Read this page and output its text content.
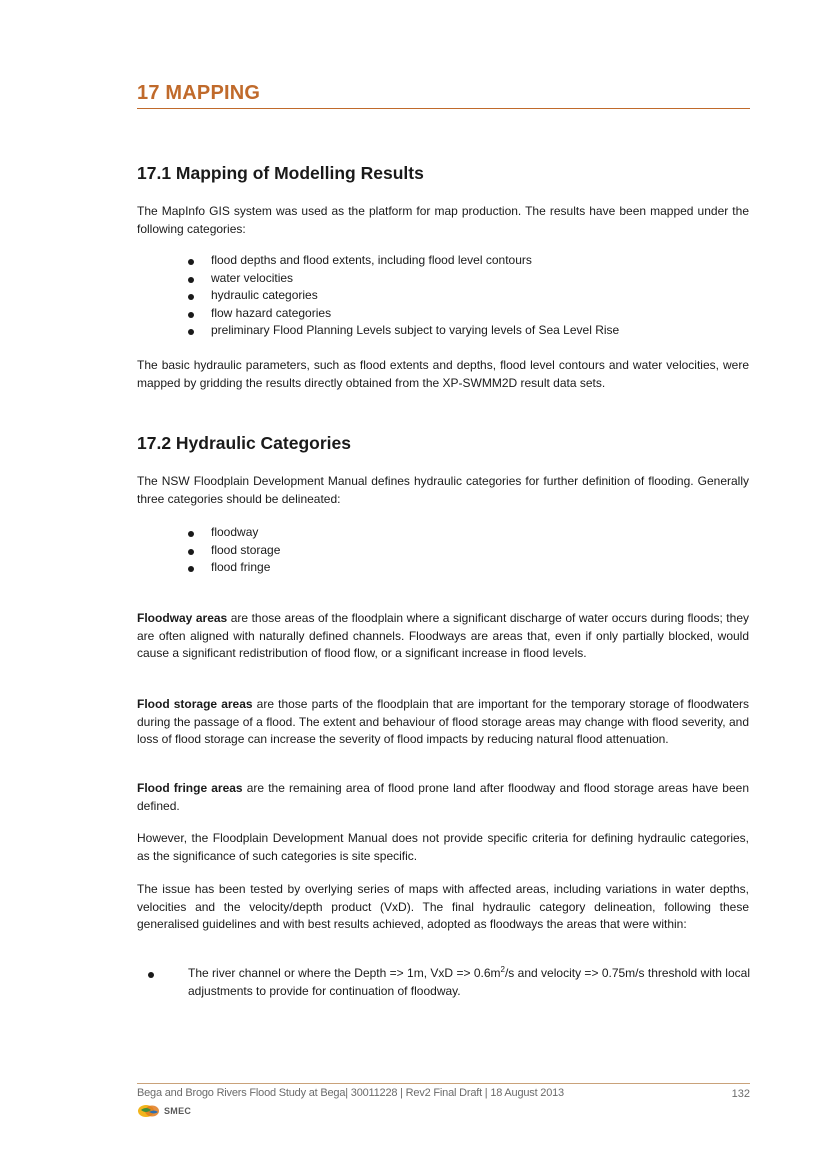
17 MAPPING
17.1 Mapping of Modelling Results

The MapInfo GIS system was used as the platform for map production. The results have been mapped under the following categories:

flood depths and flood extents, including flood level contours
water velocities
hydraulic categories
flow hazard categories
preliminary Flood Planning Levels subject to varying levels of Sea Level Rise

The basic hydraulic parameters, such as flood extents and depths, flood level contours and water velocities, were mapped by gridding the results directly obtained from the XP-SWMM2D result data sets.

17.2 Hydraulic Categories

The NSW Floodplain Development Manual defines hydraulic categories for further definition of flooding. Generally three categories should be delineated:

floodway
flood storage
flood fringe

Floodway areas are those areas of the floodplain where a significant discharge of water occurs during floods; they are often aligned with naturally defined channels. Floodways are areas that, even if only partially blocked, would cause a significant redistribution of flood flow, or a significant increase in flood levels.

Flood storage areas are those parts of the floodplain that are important for the temporary storage of floodwaters during the passage of a flood. The extent and behaviour of flood storage areas may change with flood severity, and loss of flood storage can increase the severity of flood impacts by reducing natural flood attenuation.

Flood fringe areas are the remaining area of flood prone land after floodway and flood storage areas have been defined.

However, the Floodplain Development Manual does not provide specific criteria for defining hydraulic categories, as the significance of such categories is site specific.

The issue has been tested by overlying series of maps with affected areas, including variations in water depths, velocities and the velocity/depth product (VxD). The final hydraulic category delineation, following these generalised guidelines and with best results achieved, adopted as floodways the areas that were within:

The river channel or where the Depth => 1m, VxD => $0.6m^2/s$ and velocity => 0.75m/s threshold with local adjustments to provide for continuation of floodway.
Bega and Brogo Rivers Flood Study at Bega| 30011228 | Rev2 Final Draft | 18 August 2013	132
SMEC
